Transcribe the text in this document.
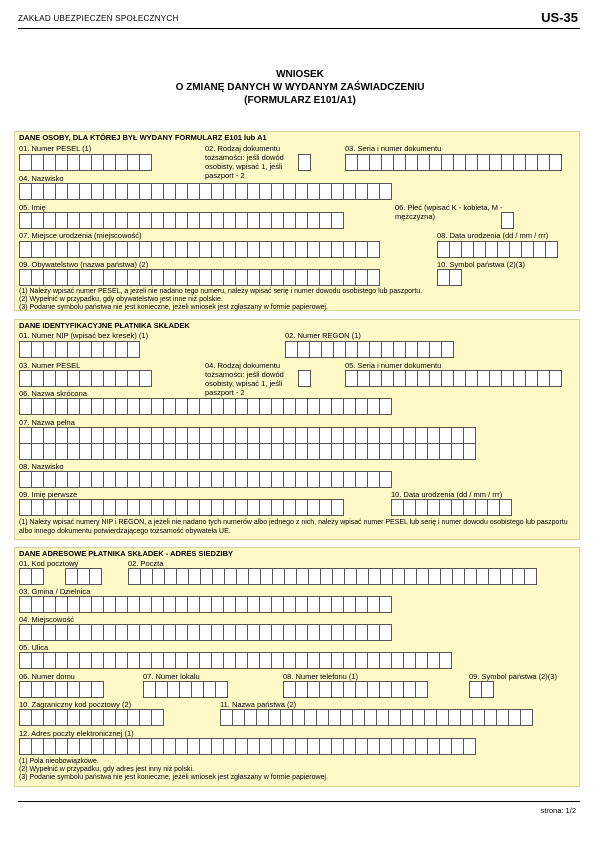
ZAKŁAD UBEZPIECZEŃ SPOŁECZNYCH	US-35
WNIOSEK
O ZMIANĘ DANYCH W WYDANYM ZAŚWIADCZENIU
(FORMULARZ E101/A1)
DANE OSOBY, DLA KTÓREJ BYŁ WYDANY FORMULARZ E101 lub A1
01. Numer PESEL (1)	02. Rodzaj dokumentu tożsamości: jeśli dowód osobisty, wpisać 1, jeśli paszport - 2
03. Seria i numer dokumentu
04. Nazwisko
05. Imię	06. Płeć (wpisać K - kobieta, M - mężczyzna)
07. Miejsce urodzenia (miejscowość)	08. Data urodzenia (dd / mm / rrr)
09. Obywatelstwo (nazwa państwa) (2)	10. Symbol państwa (2)(3)
(1) Należy wpisać numer PESEL, a jeżeli nie nadano tego numeru, należy wpisać serię i numer dowodu osobistego lub paszportu.
(2) Wypełnić w przypadku, gdy obywatelstwo jest inne niż polskie.
(3) Podanie symbolu państwa nie jest konieczne, jeżeli wniosek jest zgłaszany w formie papierowej.
DANE IDENTYFIKACYJNE PŁATNIKA SKŁADEK
01. Numer NIP (wpisać bez kresek) (1)	02. Numer REGON (1)
03. Numer PESEL	04. Rodzaj dokumentu tożsamości: jeśli dowód osobisty, wpisać 1, jeśli paszport - 2
05. Seria i numer dokumentu
06. Nazwa skrócona
07. Nazwa pełna
08. Nazwisko
09. Imię pierwsze	10. Data urodzenia (dd / mm / rrr)
(1) Należy wpisać numery NIP i REGON, a jeżeli nie nadano tych numerów albo jednego z nich, należy wpisać numer PESEL lub serię i numer dowodu osobistego lub paszportu albo innego dokumentu potwierdzającego tożsamość obywatela UE.
DANE ADRESOWE PŁATNIKA SKŁADEK - ADRES SIEDZIBY
01. Kod pocztowy	02. Poczta
03. Gmina / Dzielnica
04. Miejscowość
05. Ulica
06. Numer domu	07. Numer lokalu	08. Numer telefonu (1)	09. Symbol państwa (2)(3)
10. Zagraniczny kod pocztowy (2)	11. Nazwa państwa (2)
12. Adres poczty elektronicznej (1)
(1) Pola nieobowiązkowe.
(2) Wypełnić w przypadku, gdy adres jest inny niż polski.
(3) Podanie symbolu państwa nie jest konieczne, jeżeli wniosek jest zgłaszany w formie papierowej.
strona: 1/2
